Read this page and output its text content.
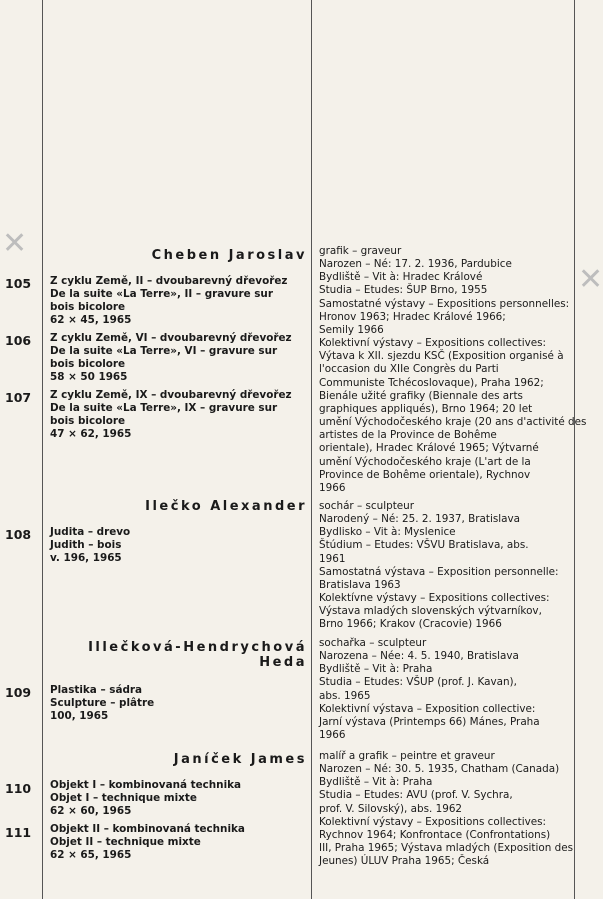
✕
✕
Cheben Jaroslav
105	Z cyklu Země, II – dvoubarevný dřevořez
De la suite «La Terre», II – gravure sur
bois bicolore
62 × 45, 1965
106	Z cyklu Země, VI – dvoubarevný dřevořez
De la suite «La Terre», VI – gravure sur
bois bicolore
58 × 50 1965
107	Z cyklu Země, IX – dvoubarevný dřevořez
De la suite «La Terre», IX – gravure sur
bois bicolore
47 × 62, 1965
grafik – graveur
Narozen – Né: 17. 2. 1936, Pardubice
Bydliště – Vit à: Hradec Králové
Studia – Etudes: ŠUP Brno, 1955
Samostatné výstavy – Expositions personnelles: Hronov 1963; Hradec Králové 1966;
Semily 1966
Kolektivní výstavy – Expositions collectives:
Výtava k XII. sjezdu KSČ (Exposition organisé à l'occasion du XIIe Congrès du Parti
Communiste Tchécoslovaque), Praha 1962;
Bienále užité grafiky (Biennale des arts
graphiques appliqués), Brno 1964; 20 let
umění Východočeského kraje (20 ans d'activité des artistes de la Province de Bohême
orientale), Hradec Králové 1965; Výtvarné
umění Východočeského kraje (L'art de la
Province de Bohême orientale), Rychnov
1966
Ilečko Alexander
108	Judita – drevo
Judith – bois
v. 196, 1965
sochár – sculpteur
Narodený – Né: 25. 2. 1937, Bratislava
Bydlisko – Vit à: Myslenice
Štúdium – Etudes: VŠVU Bratislava, abs.
1961
Samostatná výstava – Exposition personnelle: Bratislava 1963
Kolektívne výstavy – Expositions collectives:
Výstava mladých slovenských výtvarníkov,
Brno 1966; Krakov (Cracovie) 1966
Illečková-Hendrychová
Heda
109	Plastika – sádra
Sculpture – plâtre
100, 1965
sochařka – sculpteur
Narozena – Née: 4. 5. 1940, Bratislava
Bydliště – Vit à: Praha
Studia – Etudes: VŠUP (prof. J. Kavan),
abs. 1965
Kolektivní výstava – Exposition collective:
Jarní výstava (Printemps 66) Mánes, Praha
1966
Janíček James
110	Objekt I – kombinovaná technika
Objet I – technique mixte
62 × 60, 1965
111	Objekt II – kombinovaná technika
Objet II – technique mixte
62 × 65, 1965
malíř a grafik – peintre et graveur
Narozen – Né: 30. 5. 1935, Chatham (Canada)
Bydliště – Vit à: Praha
Studia – Etudes: AVU (prof. V. Sychra,
prof. V. Silovský), abs. 1962
Kolektivní výstavy – Expositions collectives:
Rychnov 1964; Konfrontace (Confrontations)
III, Praha 1965; Výstava mladých (Exposition des Jeunes) ÚLUV Praha 1965; Česká
